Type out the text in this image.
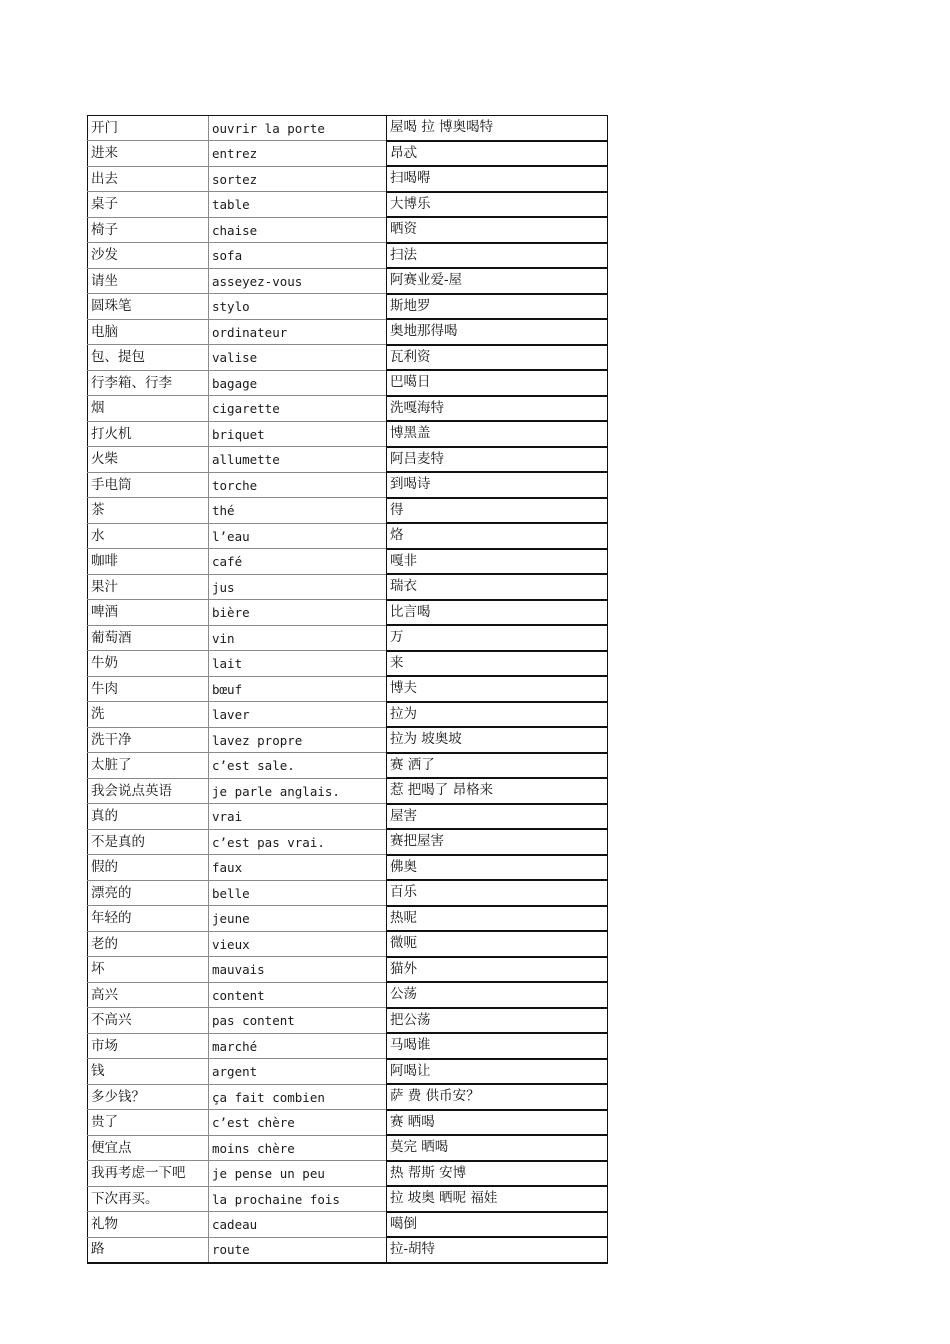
开门	ouvrir la porte	屋喝 拉 博奥喝特
进来	entrez	昂忒
出去	sortez	扫喝嘚
桌子	table	大博乐
椅子	chaise	晒资
沙发	sofa	扫法
请坐	asseyez-vous	阿赛业爱-屋
圆珠笔	stylo	斯地罗
电脑	ordinateur	奥地那得喝
包、提包	valise	瓦利资
行李箱、行李	bagage	巴噶日
烟	cigarette	洗嘎海特
打火机	briquet	博黑盖
火柴	allumette	阿吕麦特
手电筒	torche	到喝诗
茶	thé	得
水	l’eau	烙
咖啡	café	嘎非
果汁	jus	瑞衣
啤酒	bière	比言喝
葡萄酒	vin	万
牛奶	lait	来
牛肉	bœuf	博夫
洗	laver	拉为
洗干净	lavez propre	拉为 坡奥坡
太脏了	c’est sale.	赛 洒了
我会说点英语	je parle anglais.	惹 把喝了 昂格来
真的	vrai	屋害
不是真的	c’est pas vrai.	赛把屋害
假的	faux	佛奥
漂亮的	belle	百乐
年轻的	jeune	热呢
老的	vieux	微呃
坏	mauvais	猫外
高兴	content	公荡
不高兴	pas content	把公荡
市场	marché	马喝谁
钱	argent	阿喝让
多少钱？	ça fait combien	萨 费 供币安？
贵了	c’est chère	赛 晒喝
便宜点	moins chère	莫完 晒喝
我再考虑一下吧	je pense un peu	热 帮斯 安博
下次再买。	la prochaine fois	拉 坡奥 晒呢 福娃
礼物	cadeau	噶倒
路	route	拉-胡特
